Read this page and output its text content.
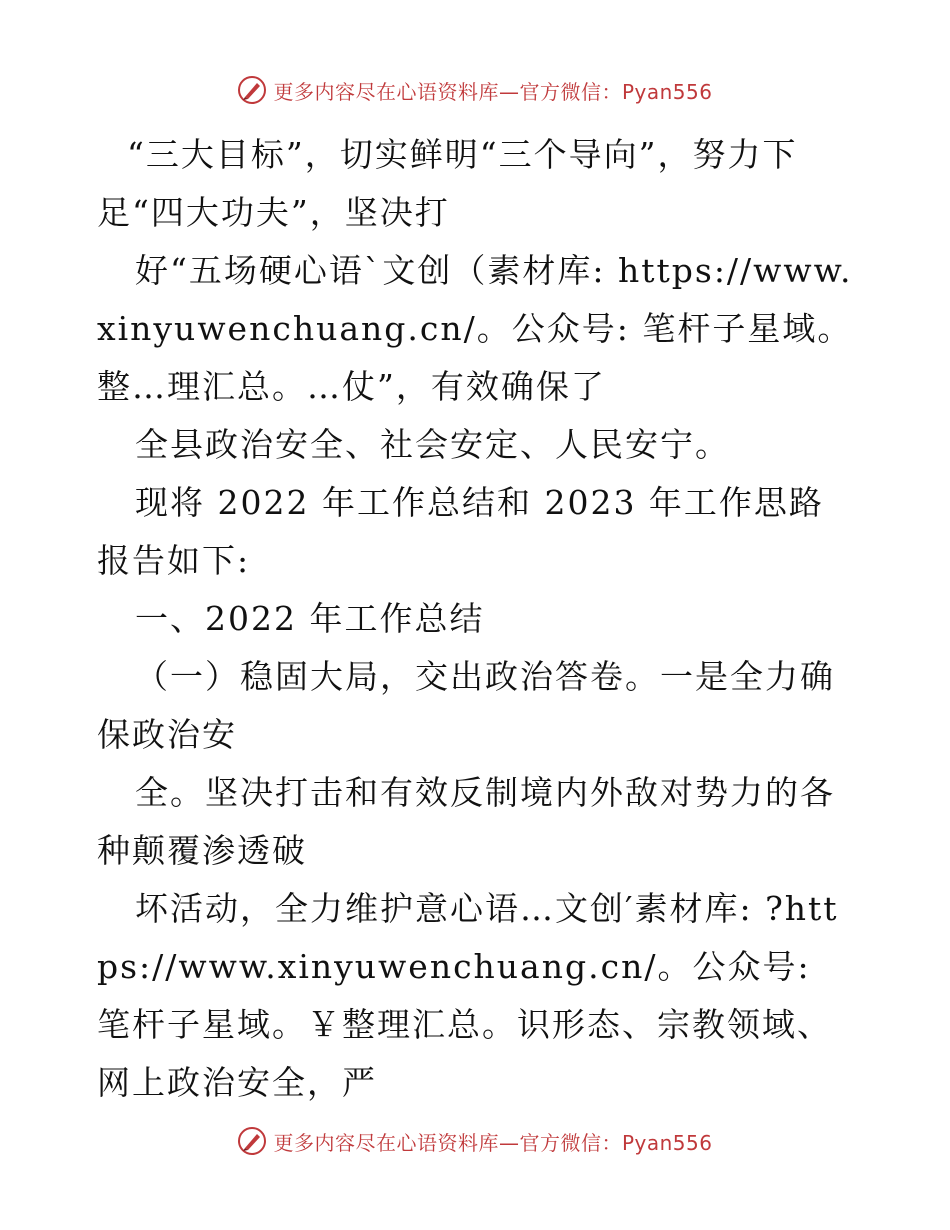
更多内容尽在心语资料库—官方微信：Pyan556

“三大目标”，切实鲜明“三个导向”，努力下足“四大功夫”，坚决打

好“五场硬心语ˋ文创（素材库: https://www.xinyuwenchuang.cn/。公众号: 笔杆子星域。整…理汇总。…仗”，有效确保了

全县政治安全、社会安定、人民安宁。

现将 2022 年工作总结和 2023 年工作思路报告如下:

一、2022 年工作总结

（一）稳固大局，交出政治答卷。一是全力确保政治安

全。坚决打击和有效反制境内外敌对势力的各种颠覆渗透破

坏活动，全力维护意心语…文创′素材库: ?https://www.xinyuwenchuang.cn/。公众号: 笔杆子星域。￥整理汇总。识形态、宗教领域、网上政治安全，严

更多内容尽在心语资料库—官方微信：Pyan556
